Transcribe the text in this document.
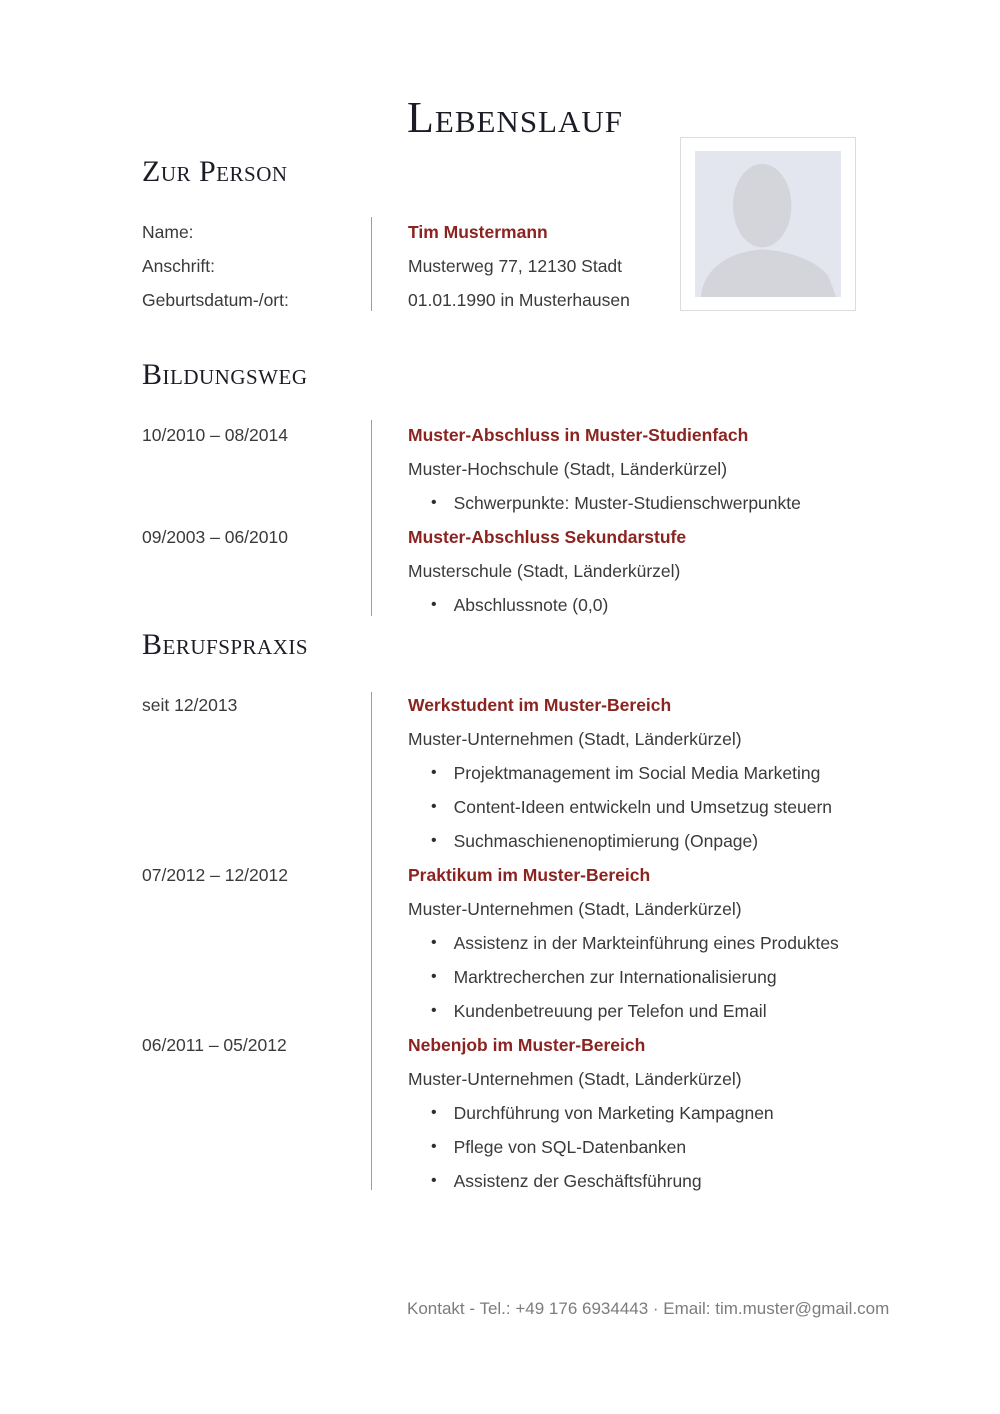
Lebenslauf
Zur Person
Name:	Tim Mustermann
Anschrift:	Musterweg 77, 12130 Stadt
Geburtsdatum-/ort:	01.01.1990 in Musterhausen
Bildungsweg
10/2010 – 08/2014	Muster-Abschluss in Muster-Studienfach
Muster-Hochschule (Stadt, Länderkürzel)
• Schwerpunkte: Muster-Studienschwerpunkte
09/2003 – 06/2010	Muster-Abschluss Sekundarstufe
Musterschule (Stadt, Länderkürzel)
• Abschlussnote (0,0)
Berufspraxis
seit 12/2013	Werkstudent im Muster-Bereich
Muster-Unternehmen (Stadt, Länderkürzel)
• Projektmanagement im Social Media Marketing
• Content-Ideen entwickeln und Umsetzug steuern
• Suchmaschienenoptimierung (Onpage)
07/2012 – 12/2012	Praktikum im Muster-Bereich
Muster-Unternehmen (Stadt, Länderkürzel)
• Assistenz in der Markteinführung eines Produktes
• Marktrecherchen zur Internationalisierung
• Kundenbetreuung per Telefon und Email
06/2011 – 05/2012	Nebenjob im Muster-Bereich
Muster-Unternehmen (Stadt, Länderkürzel)
• Durchführung von Marketing Kampagnen
• Pflege von SQL-Datenbanken
• Assistenz der Geschäftsführung
Kontakt - Tel.: +49 176 6934443 · Email: tim.muster@gmail.com
